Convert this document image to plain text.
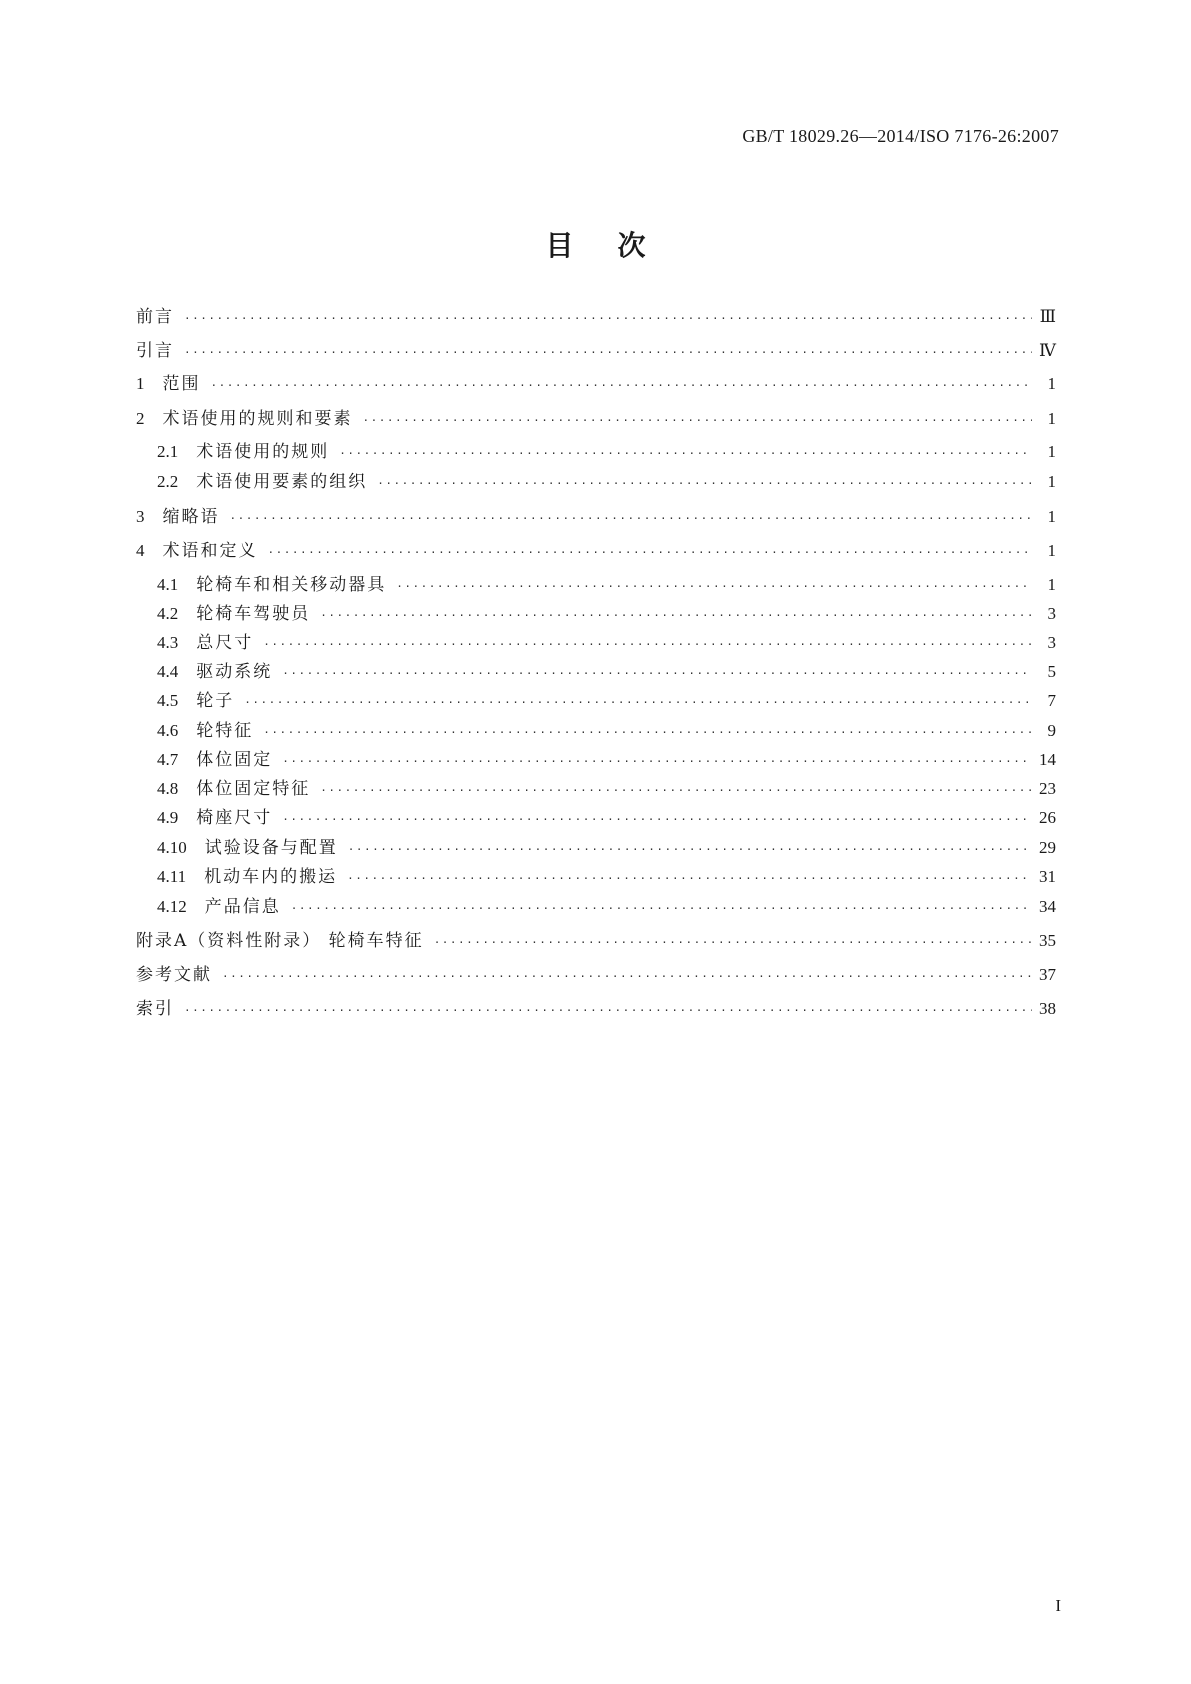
GB/T 18029.26—2014/ISO 7176-26:2007
目次
前言 ·····	Ⅲ
引言 ·····	Ⅳ
1 范围 ·····	1
2 术语使用的规则和要素 ·····	1
2.1 术语使用的规则 ·····	1
2.2 术语使用要素的组织 ·····	1
3 缩略语 ·····	1
4 术语和定义 ·····	1
4.1 轮椅车和相关移动器具 ·····	1
4.2 轮椅车驾驶员 ·····	3
4.3 总尺寸 ·····	3
4.4 驱动系统 ·····	5
4.5 轮子 ·····	7
4.6 轮特征 ·····	9
4.7 体位固定 ·····	14
4.8 体位固定特征 ·····	23
4.9 椅座尺寸 ·····	26
4.10 试验设备与配置 ·····	29
4.11 机动车内的搬运 ·····	31
4.12 产品信息 ·····	34
附录A（资料性附录） 轮椅车特征 ·····	35
参考文献 ·····	37
索引 ·····	38
I
